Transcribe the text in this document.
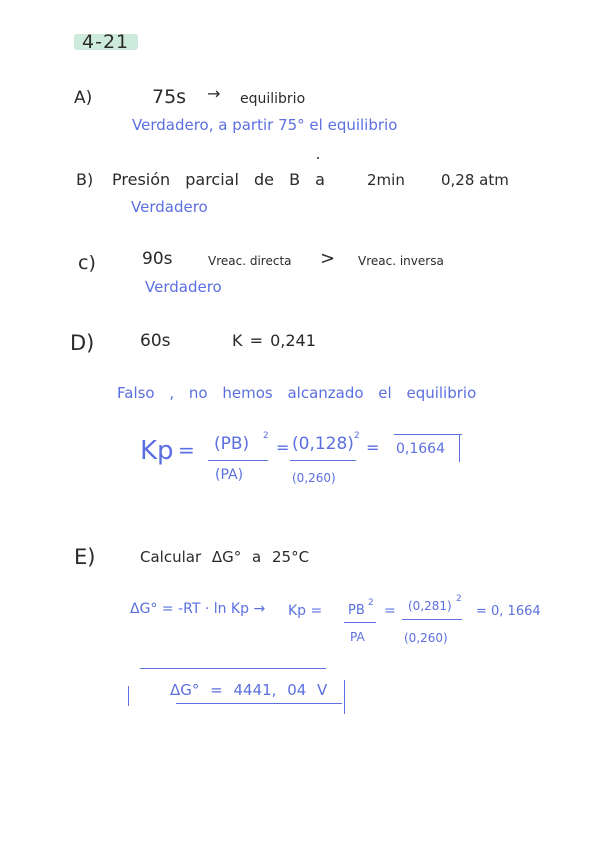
4-21
A)	75s → equilibrio
Verdadero, a partir 75° el equilibrio
B) Presión parcial de B a	2min 0,28 atm
Verdadero
c)	90s	Vreac. directa > Vreac. inversa
Verdadero
D)	60s	K = 0,241
Falso , no hemos alcanzado el equilibrio
Kp = (PB) 2
(PA)
= (0,128) 2
(0,260)
= 0,1664
E)	Calcular ΔG° a 25°C
ΔG° = -RT · ln Kp → Kp = PB 2
PA
= (0,281) 2
(0,260)
= 0, 1664
ΔG° = 4441, 04 V
